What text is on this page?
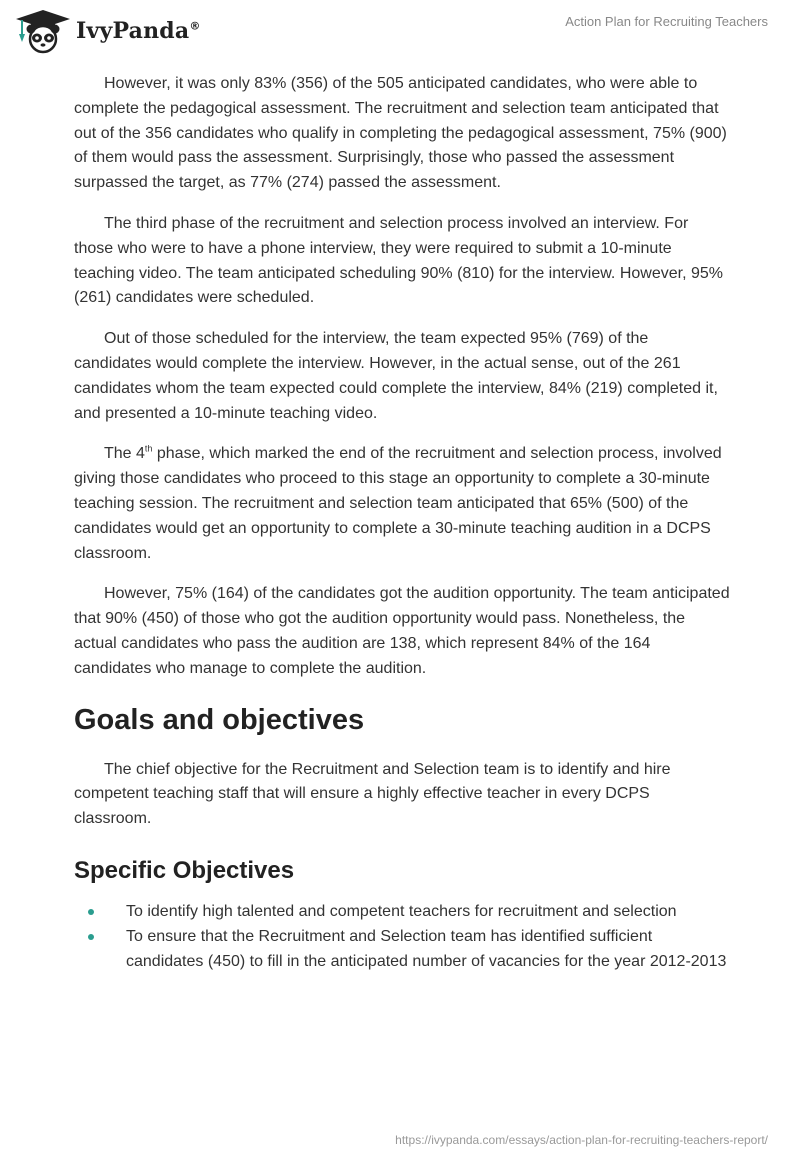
IvyPanda®	Action Plan for Recruiting Teachers

However, it was only 83% (356) of the 505 anticipated candidates, who were able to complete the pedagogical assessment. The recruitment and selection team anticipated that out of the 356 candidates who qualify in completing the pedagogical assessment, 75% (900) of them would pass the assessment. Surprisingly, those who passed the assessment surpassed the target, as 77% (274) passed the assessment.

The third phase of the recruitment and selection process involved an interview. For those who were to have a phone interview, they were required to submit a 10-minute teaching video. The team anticipated scheduling 90% (810) for the interview. However, 95% (261) candidates were scheduled.

Out of those scheduled for the interview, the team expected 95% (769) of the candidates would complete the interview. However, in the actual sense, out of the 261 candidates whom the team expected could complete the interview, 84% (219) completed it, and presented a 10-minute teaching video.

The 4th phase, which marked the end of the recruitment and selection process, involved giving those candidates who proceed to this stage an opportunity to complete a 30-minute teaching session. The recruitment and selection team anticipated that 65% (500) of the candidates would get an opportunity to complete a 30-minute teaching audition in a DCPS classroom.

However, 75% (164) of the candidates got the audition opportunity. The team anticipated that 90% (450) of those who got the audition opportunity would pass. Nonetheless, the actual candidates who pass the audition are 138, which represent 84% of the 164 candidates who manage to complete the audition.

Goals and objectives

The chief objective for the Recruitment and Selection team is to identify and hire competent teaching staff that will ensure a highly effective teacher in every DCPS classroom.

Specific Objectives
To identify high talented and competent teachers for recruitment and selection
To ensure that the Recruitment and Selection team has identified sufficient candidates (450) to fill in the anticipated number of vacancies for the year 2012-2013
https://ivypanda.com/essays/action-plan-for-recruiting-teachers-report/
